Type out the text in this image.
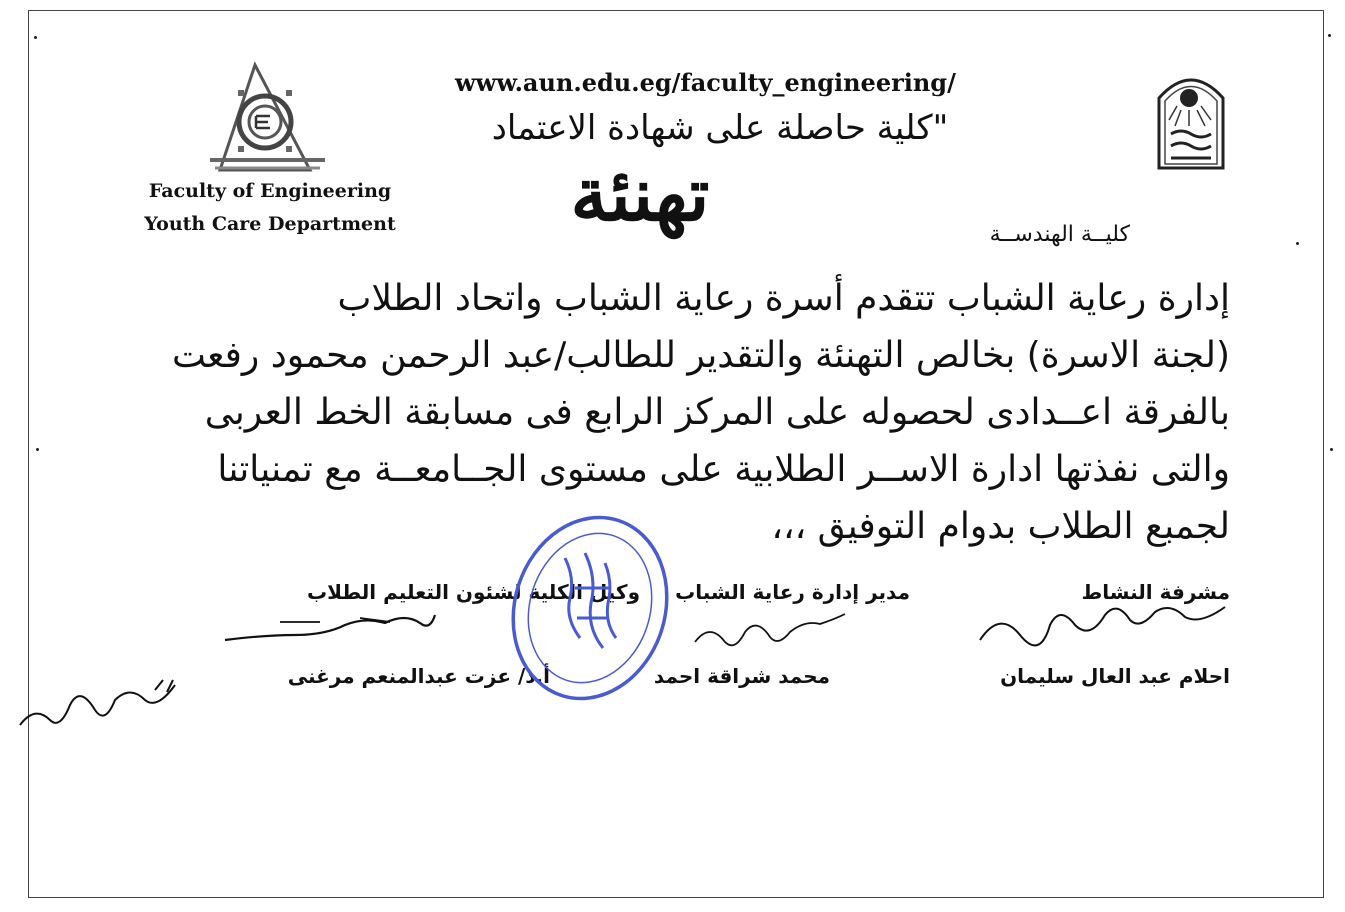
www.aun.edu.eg/faculty_engineering/
"كلية حاصلة على شهادة الاعتماد
تهنئة
Faculty of Engineering
Youth Care Department	كليــة الهندســة
إدارة رعاية الشباب تتقدم أسرة رعاية الشباب واتحاد الطلاب
(لجنة الاسرة) بخالص التهنئة والتقدير للطالب/عبد الرحمن محمود رفعت
بالفرقة اعــدادى لحصوله على المركز الرابع فى مسابقة الخط العربى
والتى نفذتها ادارة الاســر الطلابية على مستوى الجــامعــة مع تمنياتنا
لجمبع الطلاب بدوام التوفيق ،،،
مشرفة النشاط
مدير إدارة رعاية الشباب
وكيل الكلية لشئون التعليم الطلاب
احلام عبد العال سليمان
محمد شراقة احمد
أ.د/ عزت عبدالمنعم مرغنى
